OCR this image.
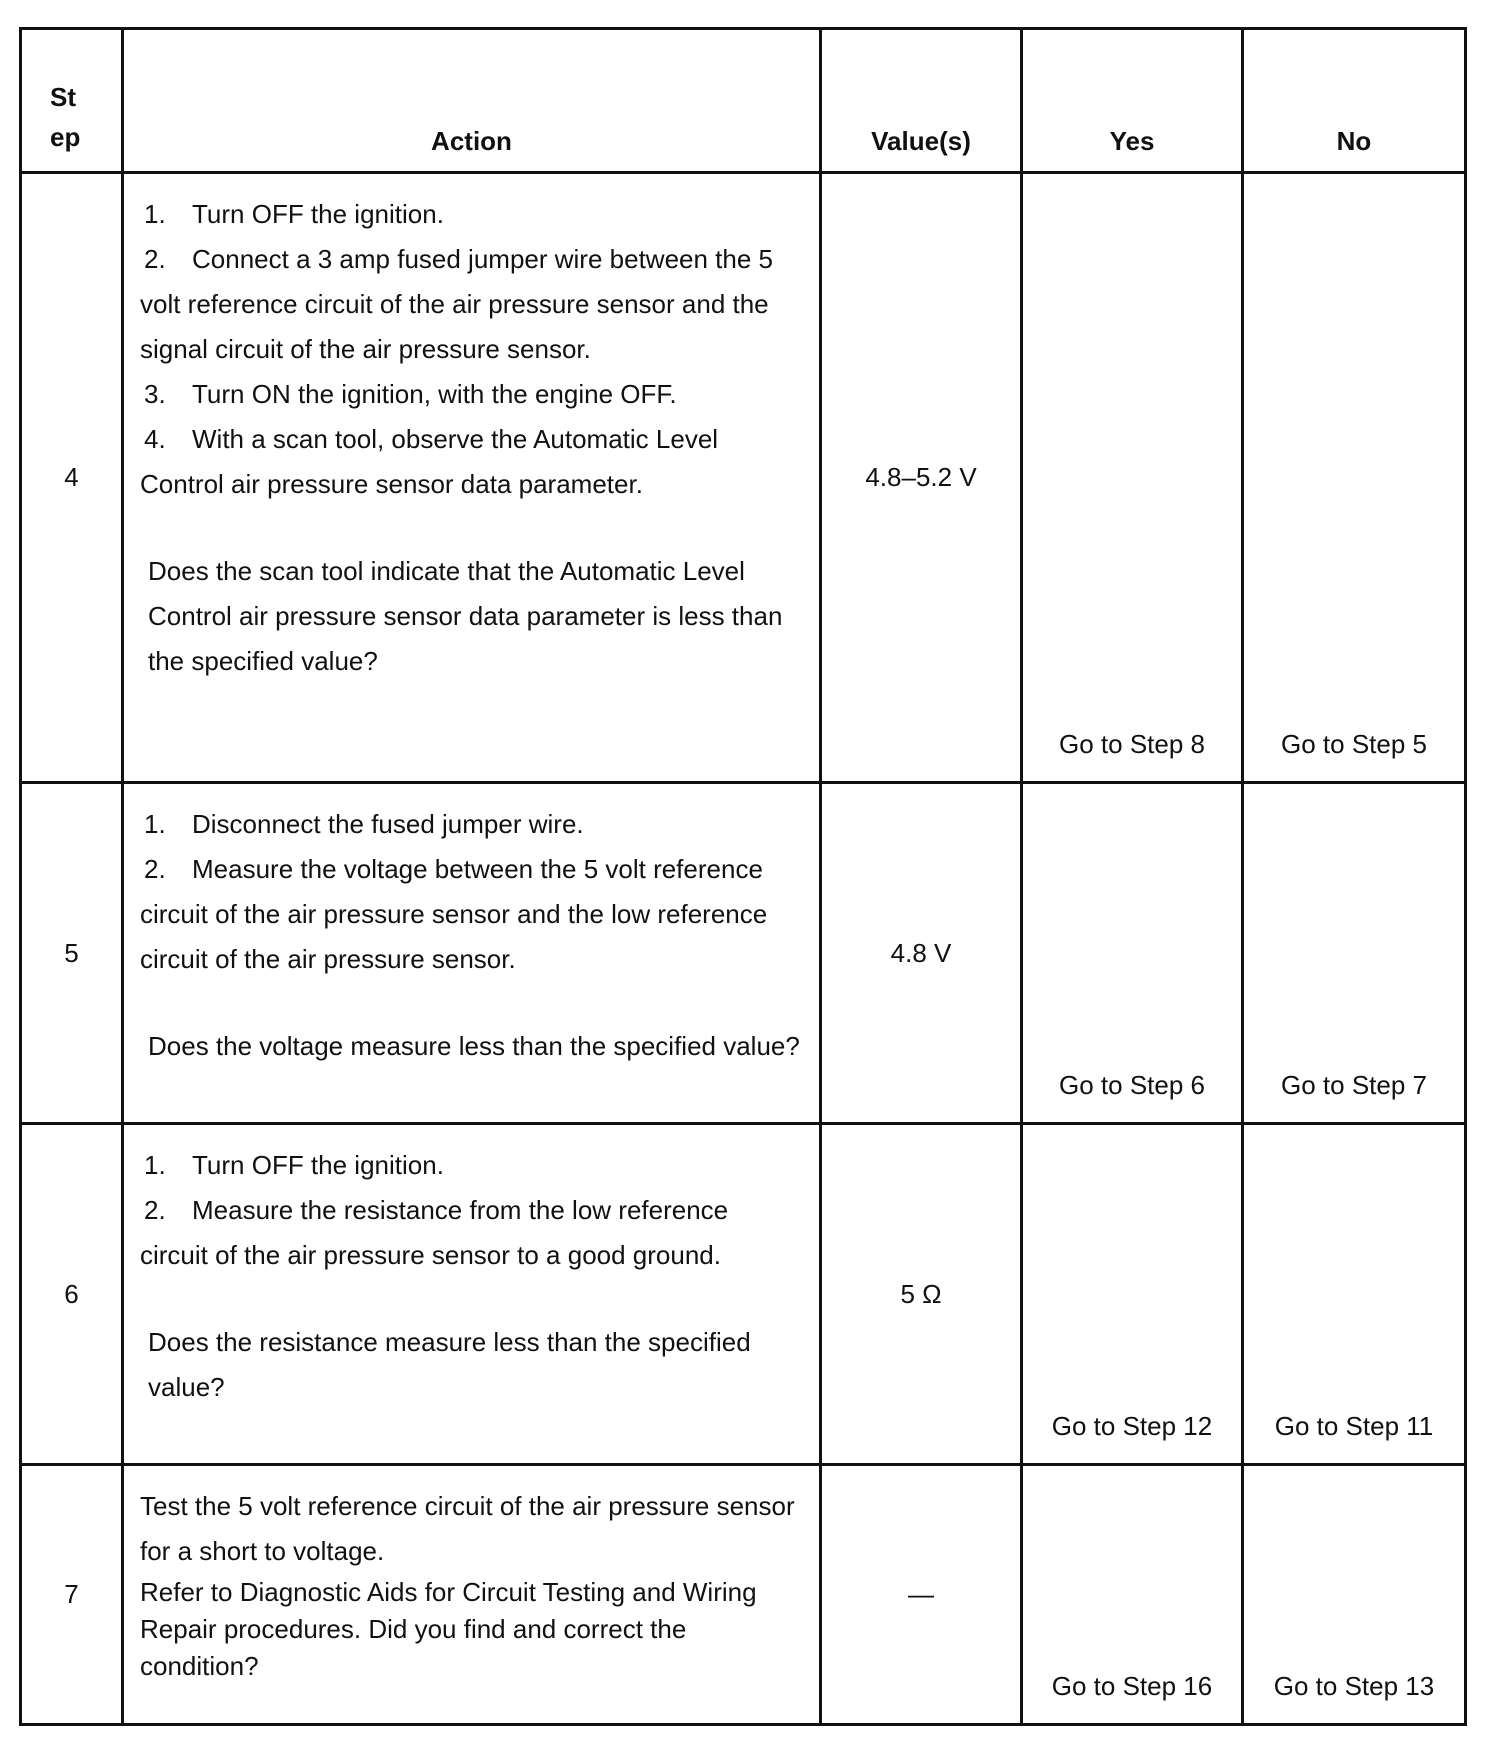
St
ep	Action	Value(s)	Yes	No
4	1. Turn OFF the ignition.
2. Connect a 3 amp fused jumper wire between the 5 volt reference circuit of the air pressure sensor and the signal circuit of the air pressure sensor.
3. Turn ON the ignition, with the engine OFF.
4. With a scan tool, observe the Automatic Level Control air pressure sensor data parameter.
Does the scan tool indicate that the Automatic Level Control air pressure sensor data parameter is less than the specified value?	4.8–5.2 V	Go to Step 8	Go to Step 5
5	1. Disconnect the fused jumper wire.
2. Measure the voltage between the 5 volt reference circuit of the air pressure sensor and the low reference circuit of the air pressure sensor.
Does the voltage measure less than the specified value?	4.8 V	Go to Step 6	Go to Step 7
6	1. Turn OFF the ignition.
2. Measure the resistance from the low reference circuit of the air pressure sensor to a good ground.
Does the resistance measure less than the specified value?	5 Ω	Go to Step 12	Go to Step 11
7	Test the 5 volt reference circuit of the air pressure sensor for a short to voltage.
Refer to Diagnostic Aids for Circuit Testing and Wiring Repair procedures. Did you find and correct the condition?	—	Go to Step 16	Go to Step 13
